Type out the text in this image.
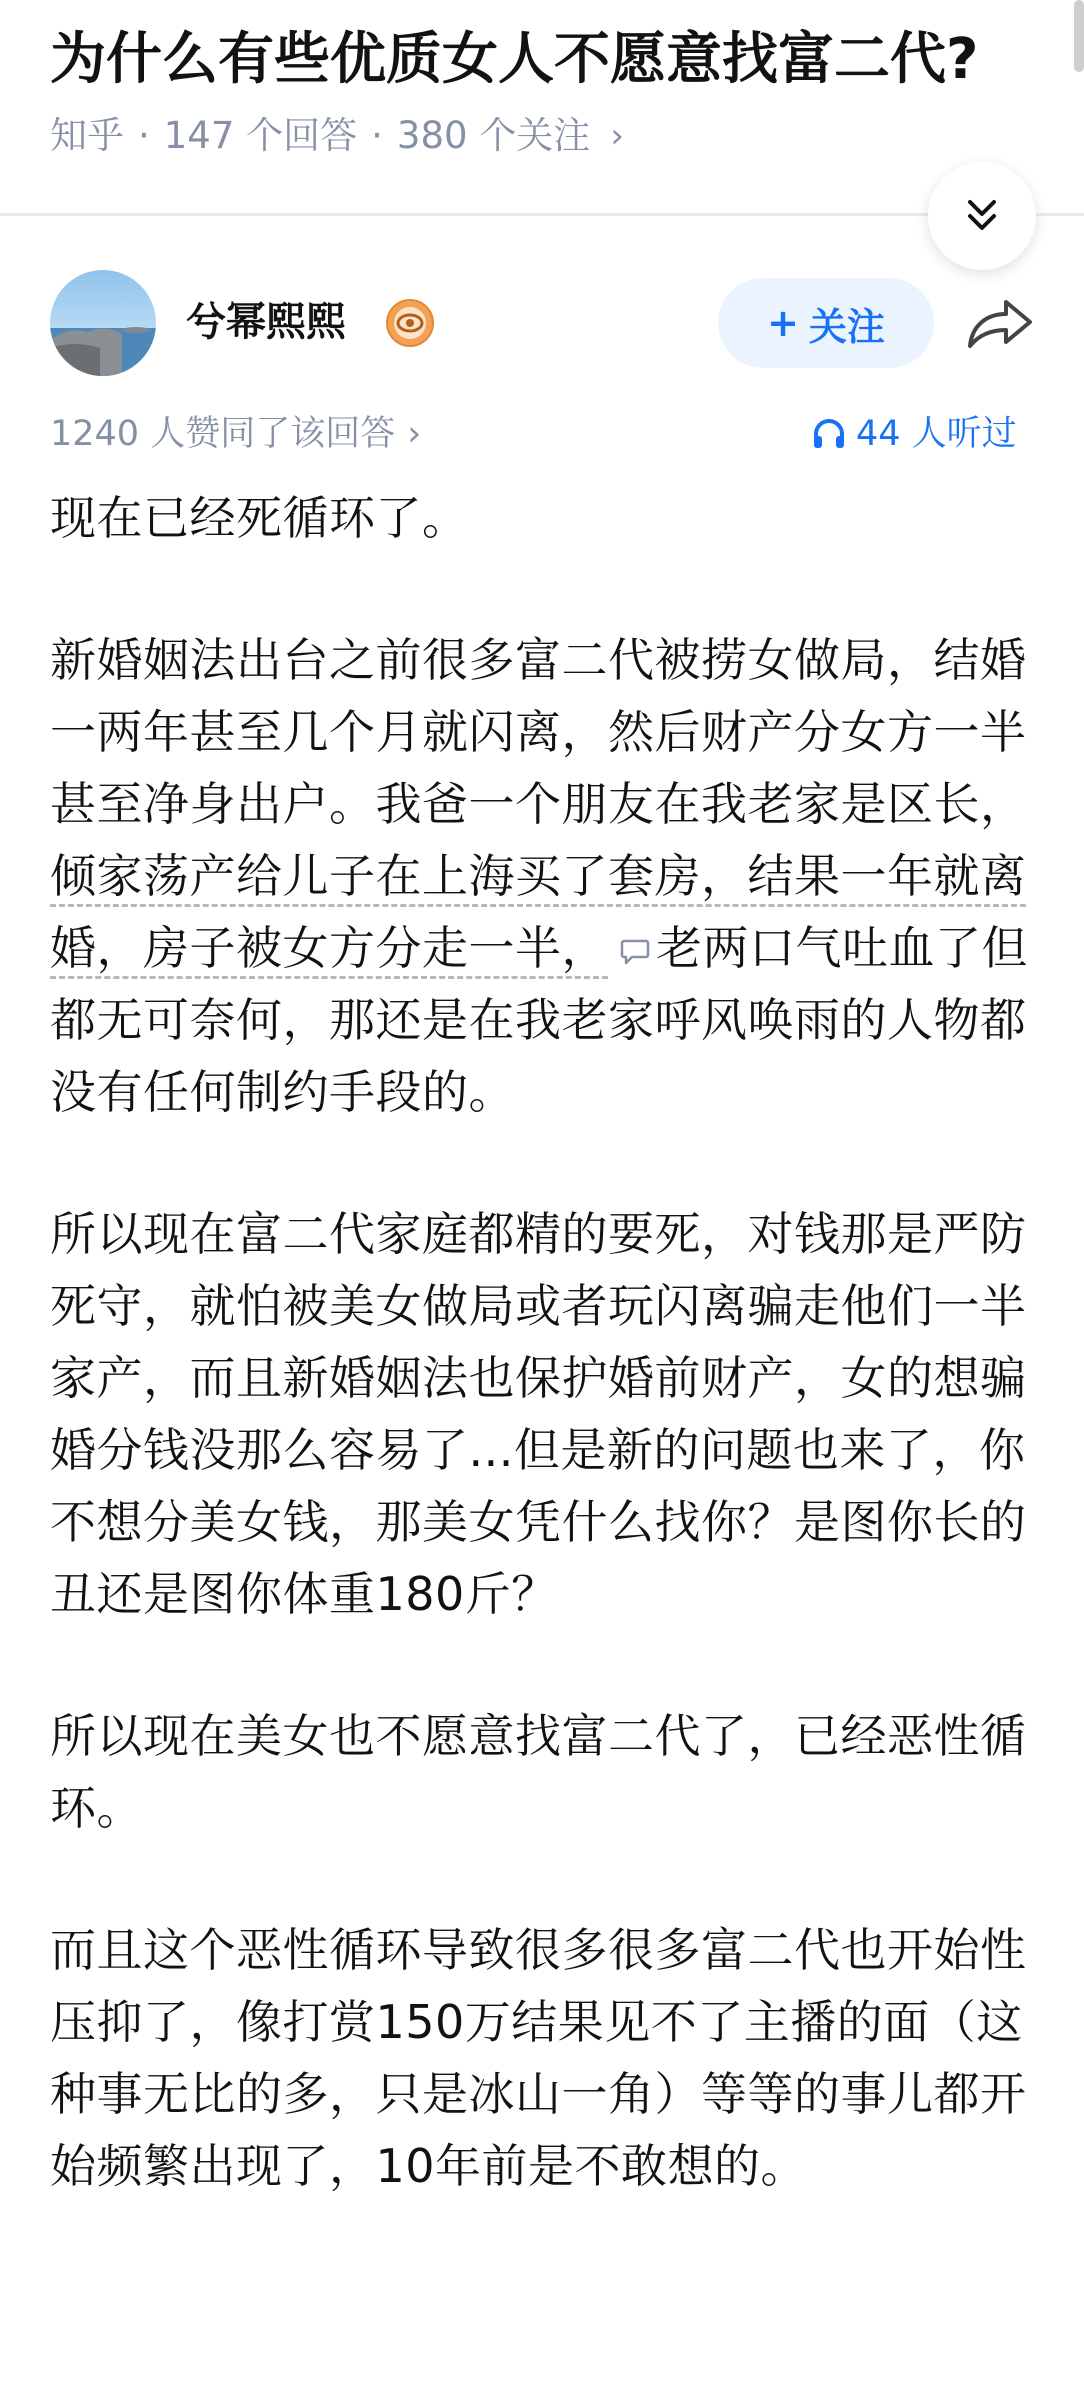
为什么有些优质女人不愿意找富二代?
知乎 · 147 个回答 · 380 个关注 ›
兮幂熙熙	+ 关注
1240 人赞同了该回答 ›	44 人听过

现在已经死循环了。

新婚姻法出台之前很多富二代被捞女做局，结婚一两年甚至几个月就闪离，然后财产分女方一半甚至净身出户。我爸一个朋友在我老家是区长，倾家荡产给儿子在上海买了套房，结果一年就离婚，房子被女方分走一半， 老两口气吐血了但都无可奈何，那还是在我老家呼风唤雨的人物都没有任何制约手段的。

所以现在富二代家庭都精的要死，对钱那是严防死守，就怕被美女做局或者玩闪离骗走他们一半家产，而且新婚姻法也保护婚前财产，女的想骗婚分钱没那么容易了...但是新的问题也来了，你不想分美女钱，那美女凭什么找你？是图你长的丑还是图你体重180斤？

所以现在美女也不愿意找富二代了，已经恶性循环。

而且这个恶性循环导致很多很多富二代也开始性压抑了，像打赏150万结果见不了主播的面（这种事无比的多，只是冰山一角）等等的事儿都开始频繁出现了，10年前是不敢想的。
